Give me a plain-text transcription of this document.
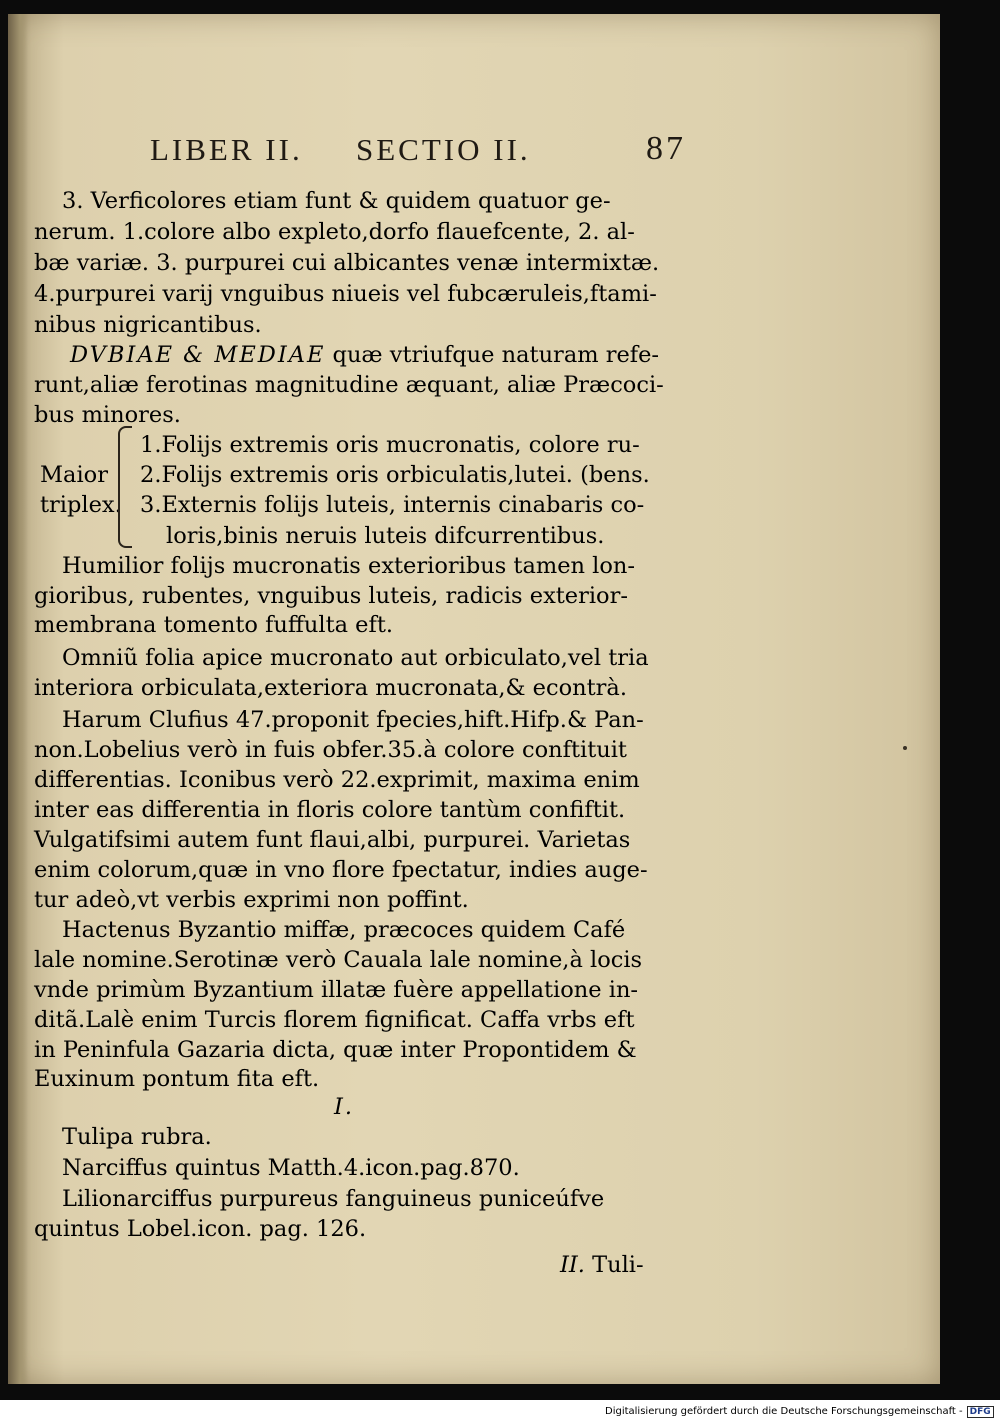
LIBER II. SECTIO II.	87
3. Verficolores etiam funt & quidem quatuor ge-
nerum. 1.colore albo expleto,dorfo flauefcente, 2. al-
bæ variæ. 3. purpurei cui albicantes venæ intermixtæ.
4.purpurei varij vnguibus niueis vel fubcæruleis,ftami-
nibus nigricantibus.
runt,aliæ ferotinas magnitudine æquant, aliæ Præcoci-
bus minores.
1.Folijs extremis oris mucronatis, colore ru-
2.Folijs extremis oris orbiculatis,lutei. (bens.
3.Externis folijs luteis, internis cinabaris co-
loris,binis neruis luteis difcurrentibus.
Humilior folijs mucronatis exterioribus tamen lon-
gioribus, rubentes, vnguibus luteis, radicis exterior-
membrana tomento fuffulta eft.
Omniũ folia apice mucronato aut orbiculato,vel tria
interiora orbiculata,exteriora mucronata,& econtrà.
Harum Clufius 47.proponit fpecies,hift.Hifp.& Pan-
non.Lobelius verò in fuis obfer.35.à colore conftituit
differentias. Iconibus verò 22.exprimit, maxima enim
inter eas differentia in floris colore tantùm confiftit.
Vulgatifsimi autem funt flaui,albi, purpurei. Varietas
enim colorum,quæ in vno flore fpectatur, indies auge-
tur adeò,vt verbis exprimi non poffint.
Hactenus Byzantio miffæ, præcoces quidem Café
lale nomine.Serotinæ verò Cauala lale nomine,à locis
vnde primùm Byzantium illatæ fuère appellatione in-
ditã.Lalè enim Turcis florem fignificat. Caffa vrbs eft
in Peninfula Gazaria dicta, quæ inter Propontidem &
Euxinum pontum fita eft.
Tulipa rubra.
Narciffus quintus Matth.4.icon.pag.870.
Lilionarciffus purpureus fanguineus puniceúfve
quintus Lobel.icon. pag. 126.
DVBIAE & MEDIAE quæ vtriufque naturam refe-
Maior
triplex.
I.
II. Tuli-
Digitalisierung gefördert durch die Deutsche Forschungsgemeinschaft - DFG
